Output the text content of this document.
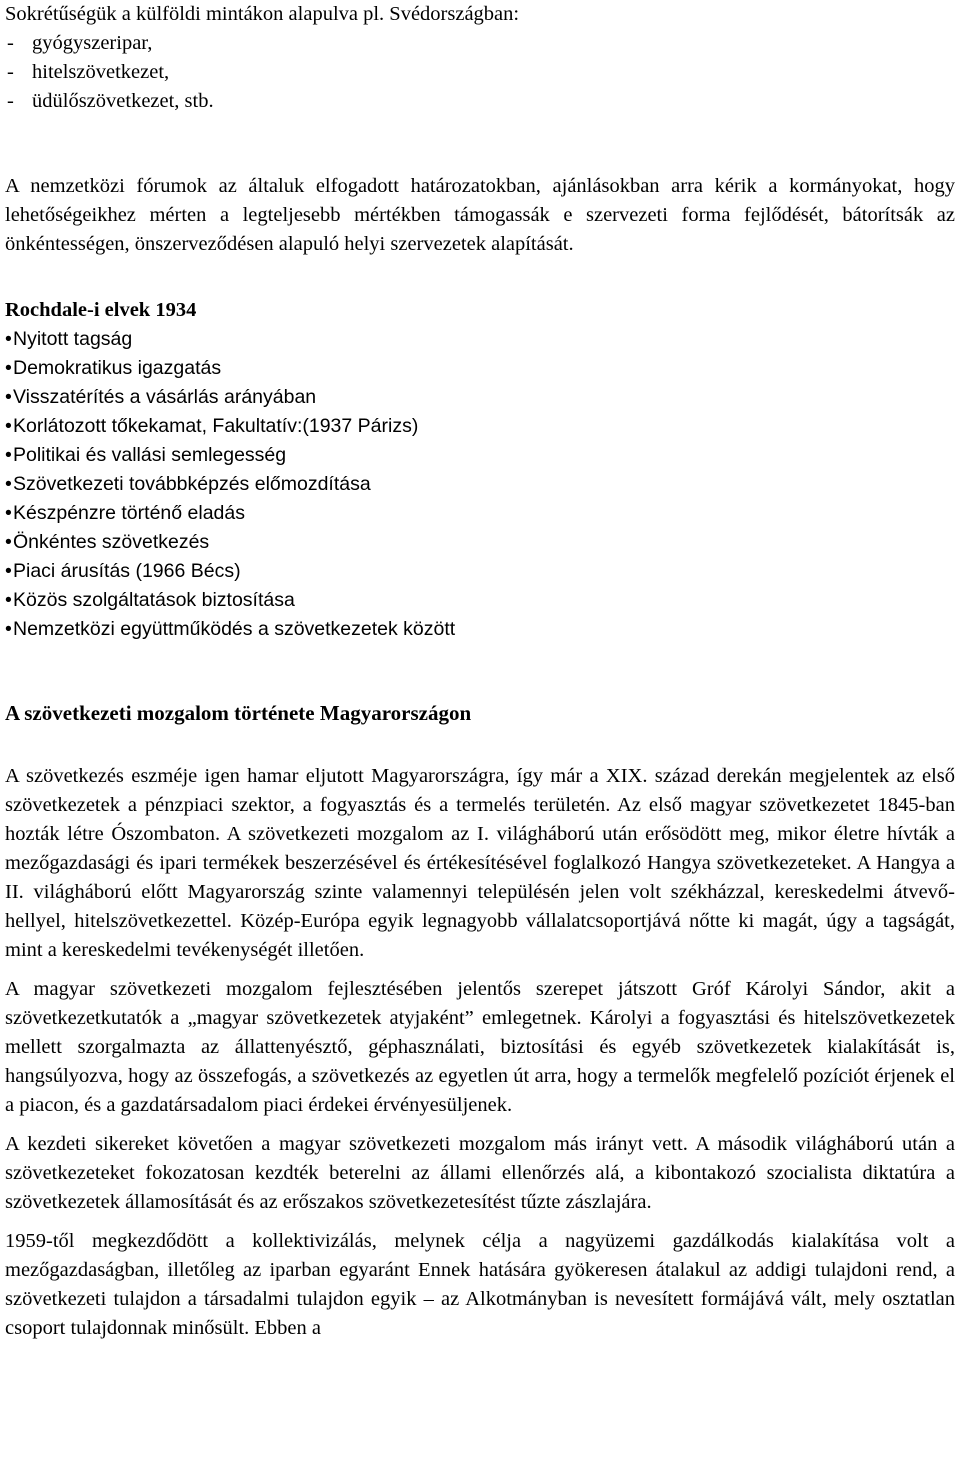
Sokrétűségük a külföldi mintákon alapulva pl. Svédországban:

- gyógyszeripar,
- hitelszövetkezet,
- üdülőszövetkezet, stb.

A nemzetközi fórumok az általuk elfogadott határozatokban, ajánlásokban arra kérik a kormányokat, hogy lehetőségeikhez mérten a legteljesebb mértékben támogassák e szervezeti forma fejlődését, bátorítsák az önkéntességen, önszerveződésen alapuló helyi szervezetek alapítását.

Rochdale-i elvek 1934

•Nyitott tagság
•Demokratikus igazgatás
•Visszatérítés a vásárlás arányában
•Korlátozott tőkekamat, Fakultatív:(1937 Párizs)
•Politikai és vallási semlegesség
•Szövetkezeti továbbképzés előmozdítása
•Készpénzre történő eladás
•Önkéntes szövetkezés
•Piaci árusítás (1966 Bécs)
•Közös szolgáltatások biztosítása
•Nemzetközi együttműködés a szövetkezetek között

A szövetkezeti mozgalom története Magyarországon

A szövetkezés eszméje igen hamar eljutott Magyarországra, így már a XIX. század derekán megjelentek az első szövetkezetek a pénzpiaci szektor, a fogyasztás és a termelés területén. Az első magyar szövetkezetet 1845-ban hozták létre Ószombaton. A szövetkezeti mozgalom az I. világháború után erősödött meg, mikor életre hívták a mezőgazdasági és ipari termékek beszerzésével és értékesítésével foglalkozó Hangya szövetkezeteket. A Hangya a II. világháború előtt Magyarország szinte valamennyi településén jelen volt székházzal, kereskedelmi átvevő-hellyel, hitelszövetkezettel. Közép-Európa egyik legnagyobb vállalatcsoportjává nőtte ki magát, úgy a tagságát, mint a kereskedelmi tevékenységét illetően.

A magyar szövetkezeti mozgalom fejlesztésében jelentős szerepet játszott Gróf Károlyi Sándor, akit a szövetkezetkutatók a „magyar szövetkezetek atyjaként” emlegetnek. Károlyi a fogyasztási és hitelszövetkezetek mellett szorgalmazta az állattenyésztő, géphasználati, biztosítási és egyéb szövetkezetek kialakítását is, hangsúlyozva, hogy az összefogás, a szövetkezés az egyetlen út arra, hogy a termelők megfelelő pozíciót érjenek el a piacon, és a gazdatársadalom piaci érdekei érvényesüljenek.

A kezdeti sikereket követően a magyar szövetkezeti mozgalom más irányt vett. A második világháború után a szövetkezeteket fokozatosan kezdték beterelni az állami ellenőrzés alá, a kibontakozó szocialista diktatúra a szövetkezetek államosítását és az erőszakos szövetkezetesítést tűzte zászlajára.

1959-től megkezdődött a kollektivizálás, melynek célja a nagyüzemi gazdálkodás kialakítása volt a mezőgazdaságban, illetőleg az iparban egyaránt Ennek hatására gyökeresen átalakul az addigi tulajdoni rend, a szövetkezeti tulajdon a társadalmi tulajdon egyik – az Alkotmányban is nevesített formájává vált, mely osztatlan csoport tulajdonnak minősült. Ebben a
